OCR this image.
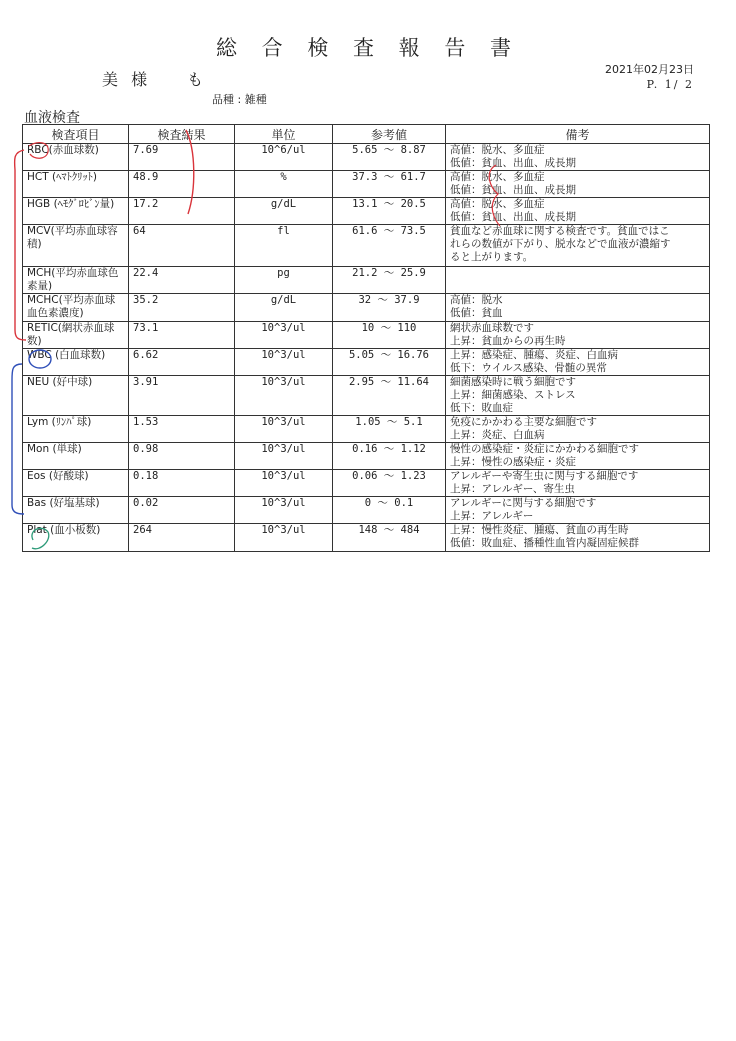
総 合 検 査 報 告 書
2021年02月23日
P. 1/ 2
美 様 も
品種 : 雑種
血液検査
検査項目	検査結果	単位	参考値	備考
RBC(赤血球数)	7.69	10^6/ul	5.65 ～ 8.87	高値：脱水、多血症
低値：貧血、出血、成長期

HCT (ﾍﾏﾄｸﾘｯﾄ)	48.9	%	37.3 ～ 61.7	高値：脱水、多血症
低値：貧血、出血、成長期

HGB (ﾍﾓｸﾞﾛﾋﾞﾝ量)	17.2	g/dL	13.1 ～ 20.5	高値：脱水、多血症
低値：貧血、出血、成長期

MCV(平均赤血球容積)	64	fl	61.6 ～ 73.5	貧血など赤血球に関する検査です。貧血ではこ
れらの数値が下がり、脱水などで血液が濃縮す
ると上がります。

MCH(平均赤血球色素量)	22.4	pg	21.2 ～ 25.9	
MCHC(平均赤血球血色素濃度)	35.2	g/dL	32 ～ 37.9	高値：脱水
低値：貧血

RETIC(網状赤血球数)	73.1	10^3/ul	10 ～ 110	網状赤血球数です
上昇：貧血からの再生時

WBC (白血球数)	6.62	10^3/ul	5.05 ～ 16.76	上昇：感染症、腫瘍、炎症、白血病
低下：ウイルス感染、骨髄の異常

NEU (好中球)	3.91	10^3/ul	2.95 ～ 11.64	細菌感染時に戦う細胞です
上昇：細菌感染、ストレス
低下：敗血症

Lym (ﾘﾝﾊﾟ球)	1.53	10^3/ul	1.05 ～ 5.1	免疫にかかわる主要な細胞です
上昇：炎症、白血病

Mon (単球)	0.98	10^3/ul	0.16 ～ 1.12	慢性の感染症・炎症にかかわる細胞です
上昇：慢性の感染症・炎症

Eos (好酸球)	0.18	10^3/ul	0.06 ～ 1.23	アレルギーや寄生虫に関与する細胞です
上昇：アレルギー、寄生虫

Bas (好塩基球)	0.02	10^3/ul	0 ～ 0.1	アレルギーに関与する細胞です
上昇：アレルギー

Plat (血小板数)	264	10^3/ul	148 ～ 484	上昇：慢性炎症、腫瘍、貧血の再生時
低値：敗血症、播種性血管内凝固症候群
